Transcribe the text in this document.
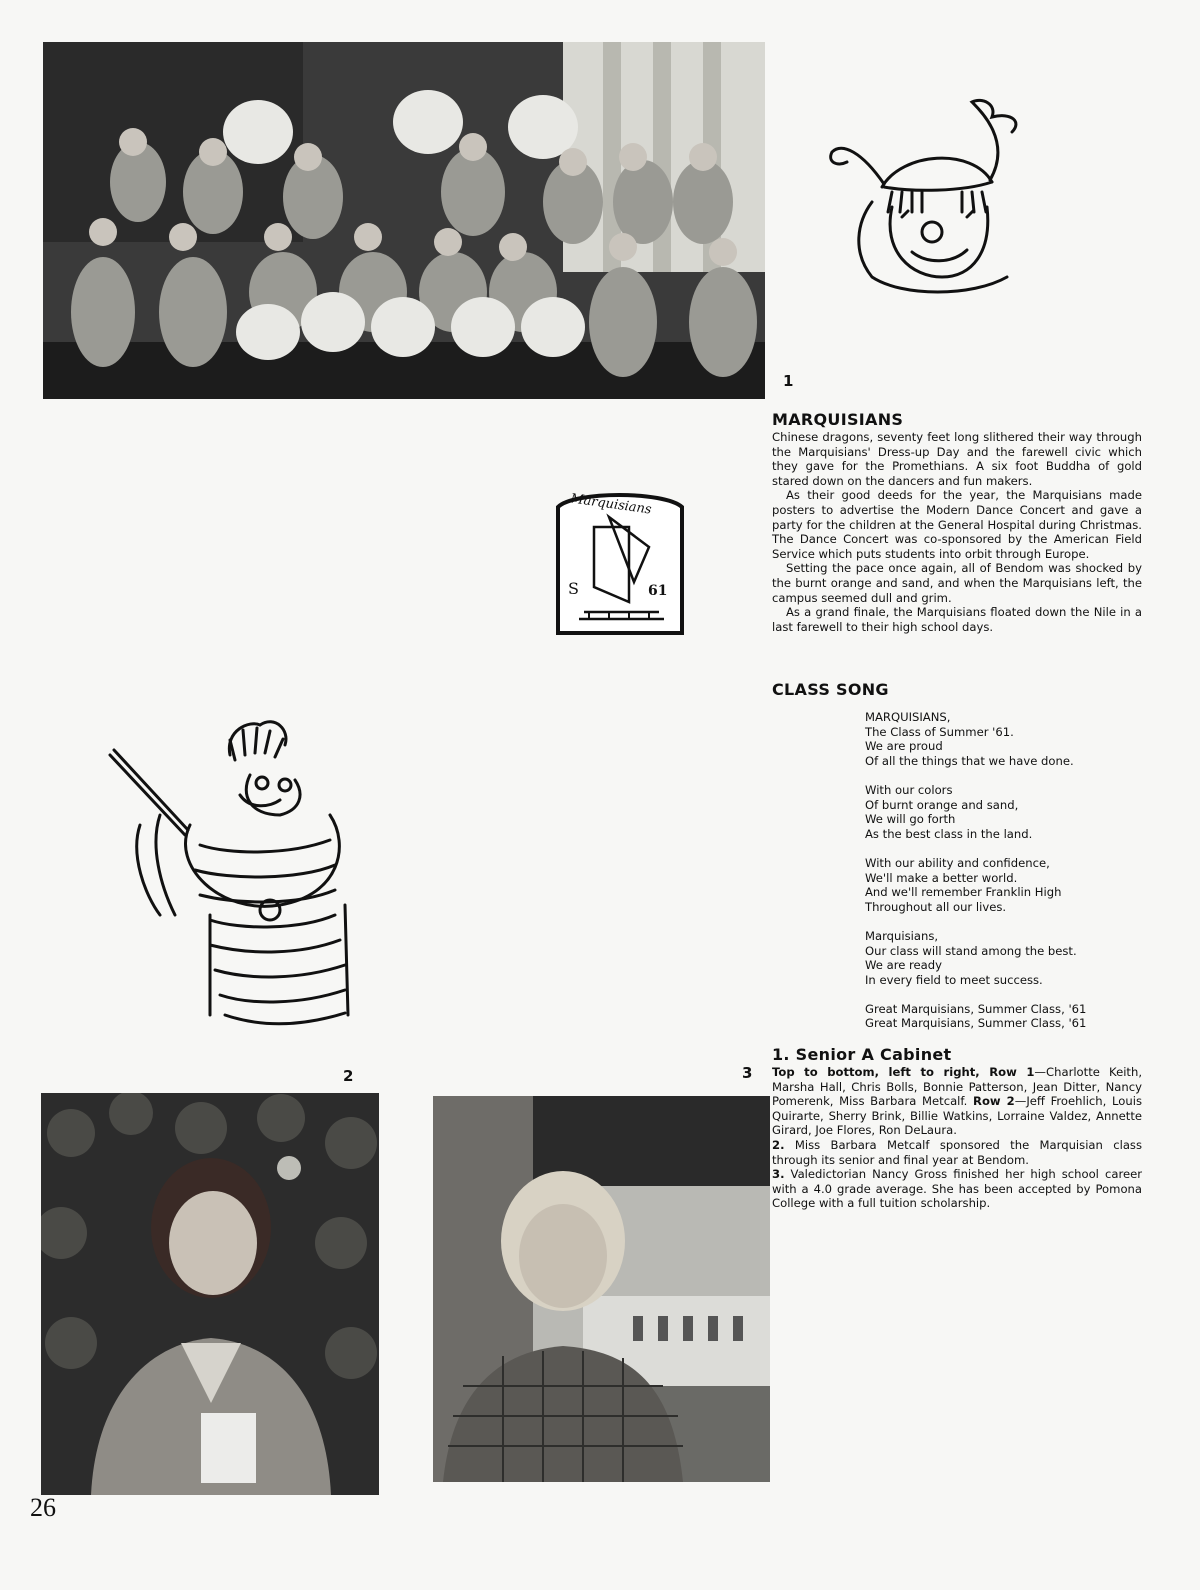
1
MARQUISIANS

Chinese dragons, seventy feet long slithered their way through the Marquisians' Dress-up Day and the farewell civic which they gave for the Promethians. A six foot Buddha of gold stared down on the dancers and fun makers.

As their good deeds for the year, the Marquisians made posters to advertise the Modern Dance Concert and gave a party for the children at the General Hospital during Christmas. The Dance Concert was co-sponsored by the American Field Service which puts students into orbit through Europe.

Setting the pace once again, all of Bendom was shocked by the burnt orange and sand, and when the Marquisians left, the campus seemed dull and grim.

As a grand finale, the Marquisians floated down the Nile in a last farewell to their high school days.

Marquisians
S	61
CLASS SONG
MARQUISIANS,
The Class of Summer '61.
We are proud
Of all the things that we have done.
With our colors
Of burnt orange and sand,
We will go forth
As the best class in the land.
With our ability and confidence,
We'll make a better world.
And we'll remember Franklin High
Throughout all our lives.
Marquisians,
Our class will stand among the best.
We are ready
In every field to meet success.
Great Marquisians, Summer Class, '61
Great Marquisians, Summer Class, '61
2	3
1. Senior A Cabinet
Top to bottom, left to right, Row 1—Charlotte Keith, Marsha Hall, Chris Bolls, Bonnie Patterson, Jean Ditter, Nancy Pomerenk, Miss Barbara Metcalf. Row 2—Jeff Froehlich, Louis Quirarte, Sherry Brink, Billie Watkins, Lorraine Valdez, Annette Girard, Joe Flores, Ron DeLaura.
2. Miss Barbara Metcalf sponsored the Marquisian class through its senior and final year at Bendom.
3. Valedictorian Nancy Gross finished her high school career with a 4.0 grade average. She has been accepted by Pomona College with a full tuition scholarship.
26
